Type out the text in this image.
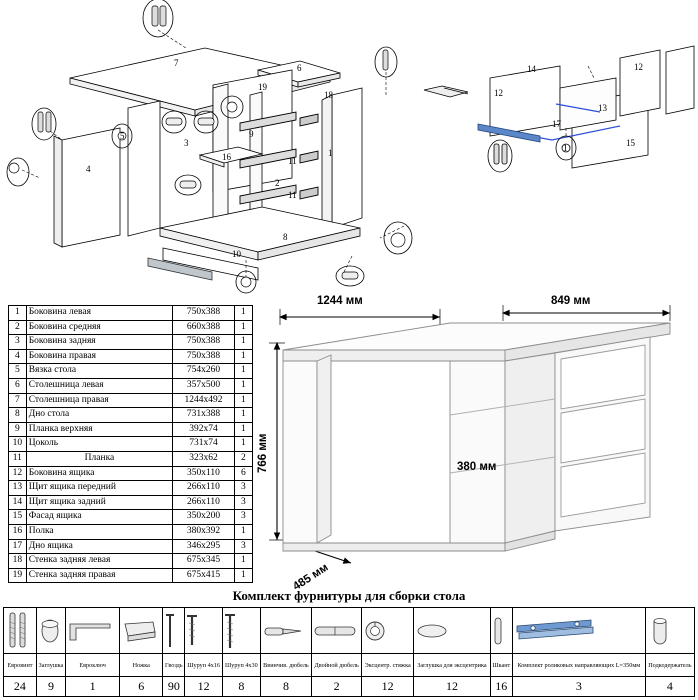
7	6
19
18
5
3
16	11
11
2
1
4
8
10
9
14	12
12
13
17
15
1
1	Боковина левая	750x388	1
2	Боковина средняя	660x388	1
3	Боковина задняя	750x388	1
4	Боковина правая	750x388	1
5	Вязка стола	754x260	1
6	Столешница левая	357x500	1
7	Столешница правая	1244x492	1
8	Дно стола	731x388	1
9	Планка верхняя	392x74	1
10	Цоколь	731x74	1
11	Планка	323x62	2
12	Боковина ящика	350x110	6
13	Щит ящика передний	266x110	3
14	Щит ящика задний	266x110	3
15	Фасад ящика	350x200	3
16	Полка	380x392	1
17	Дно ящика	346x295	3
18	Стенка задняя левая	675x345	1
19	Стенка задняя правая	675x415	1
1244 мм	849 мм
766 мм	380 мм
485 мм
Комплект фурнитуры для сборки стола

Евровинт	Заглушка	Евроключ	Ножка	Гвоздь	Шуруп 4х16	Шуруп 4х30	Ввинчив. дюбель	Двойной дюбель	Эксцентр. стяжка	Заглушка для эксцентрика	Шкант	Комплект роликовых направляющих L=350мм	Подкодержатель
24	9	1	6	90	12	8	8	2	12	12	16	3	4
